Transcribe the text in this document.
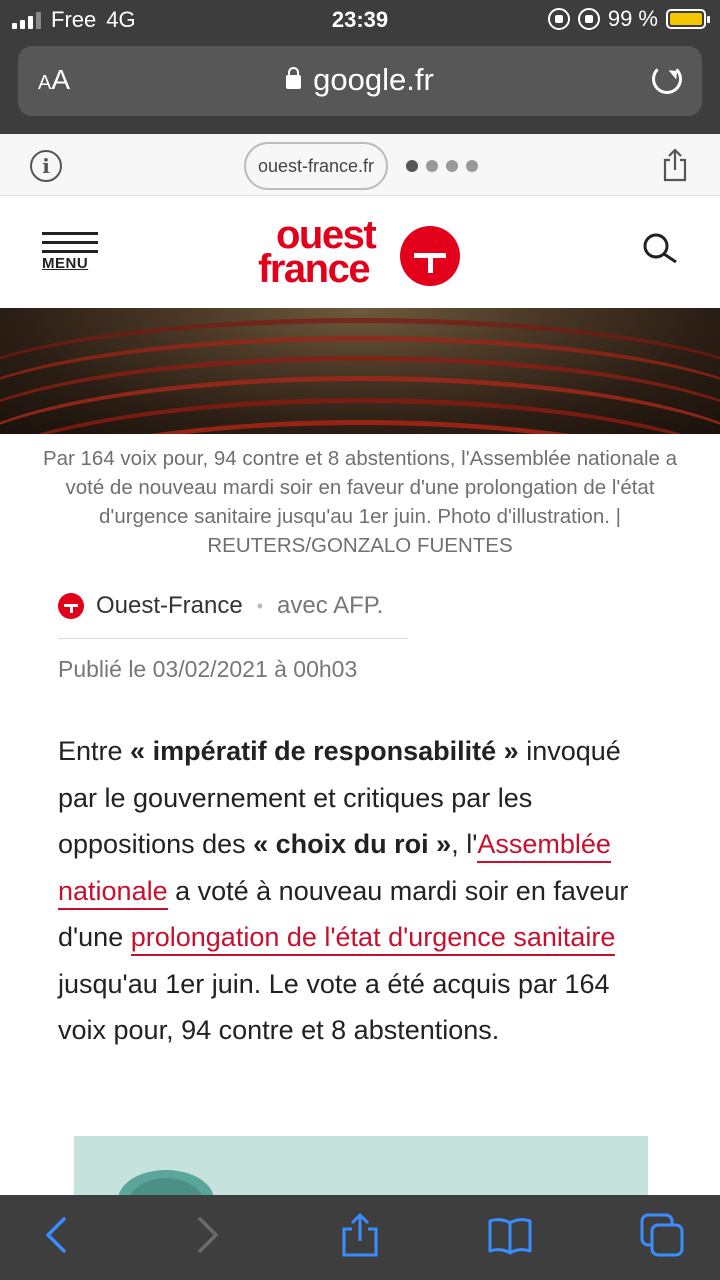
Free 4G	23:39	99 %
AA	google.fr
i	ouest-france.fr
MENU
ouest
france
Par 164 voix pour, 94 contre et 8 abstentions, l'Assemblée nationale a voté de nouveau mardi soir en faveur d'une prolongation de l'état d'urgence sanitaire jusqu'au 1er juin. Photo d'illustration. | REUTERS/GONZALO FUENTES
Ouest-France • avec AFP.
Publié le 03/02/2021 à 00h03
Entre « impératif de responsabilité » invoqué par le gouvernement et critiques par les oppositions des « choix du roi », l'Assemblée nationale a voté à nouveau mardi soir en faveur d'une prolongation de l'état d'urgence sanitaire jusqu'au 1er juin. Le vote a été acquis par 164 voix pour, 94 contre et 8 abstentions.
